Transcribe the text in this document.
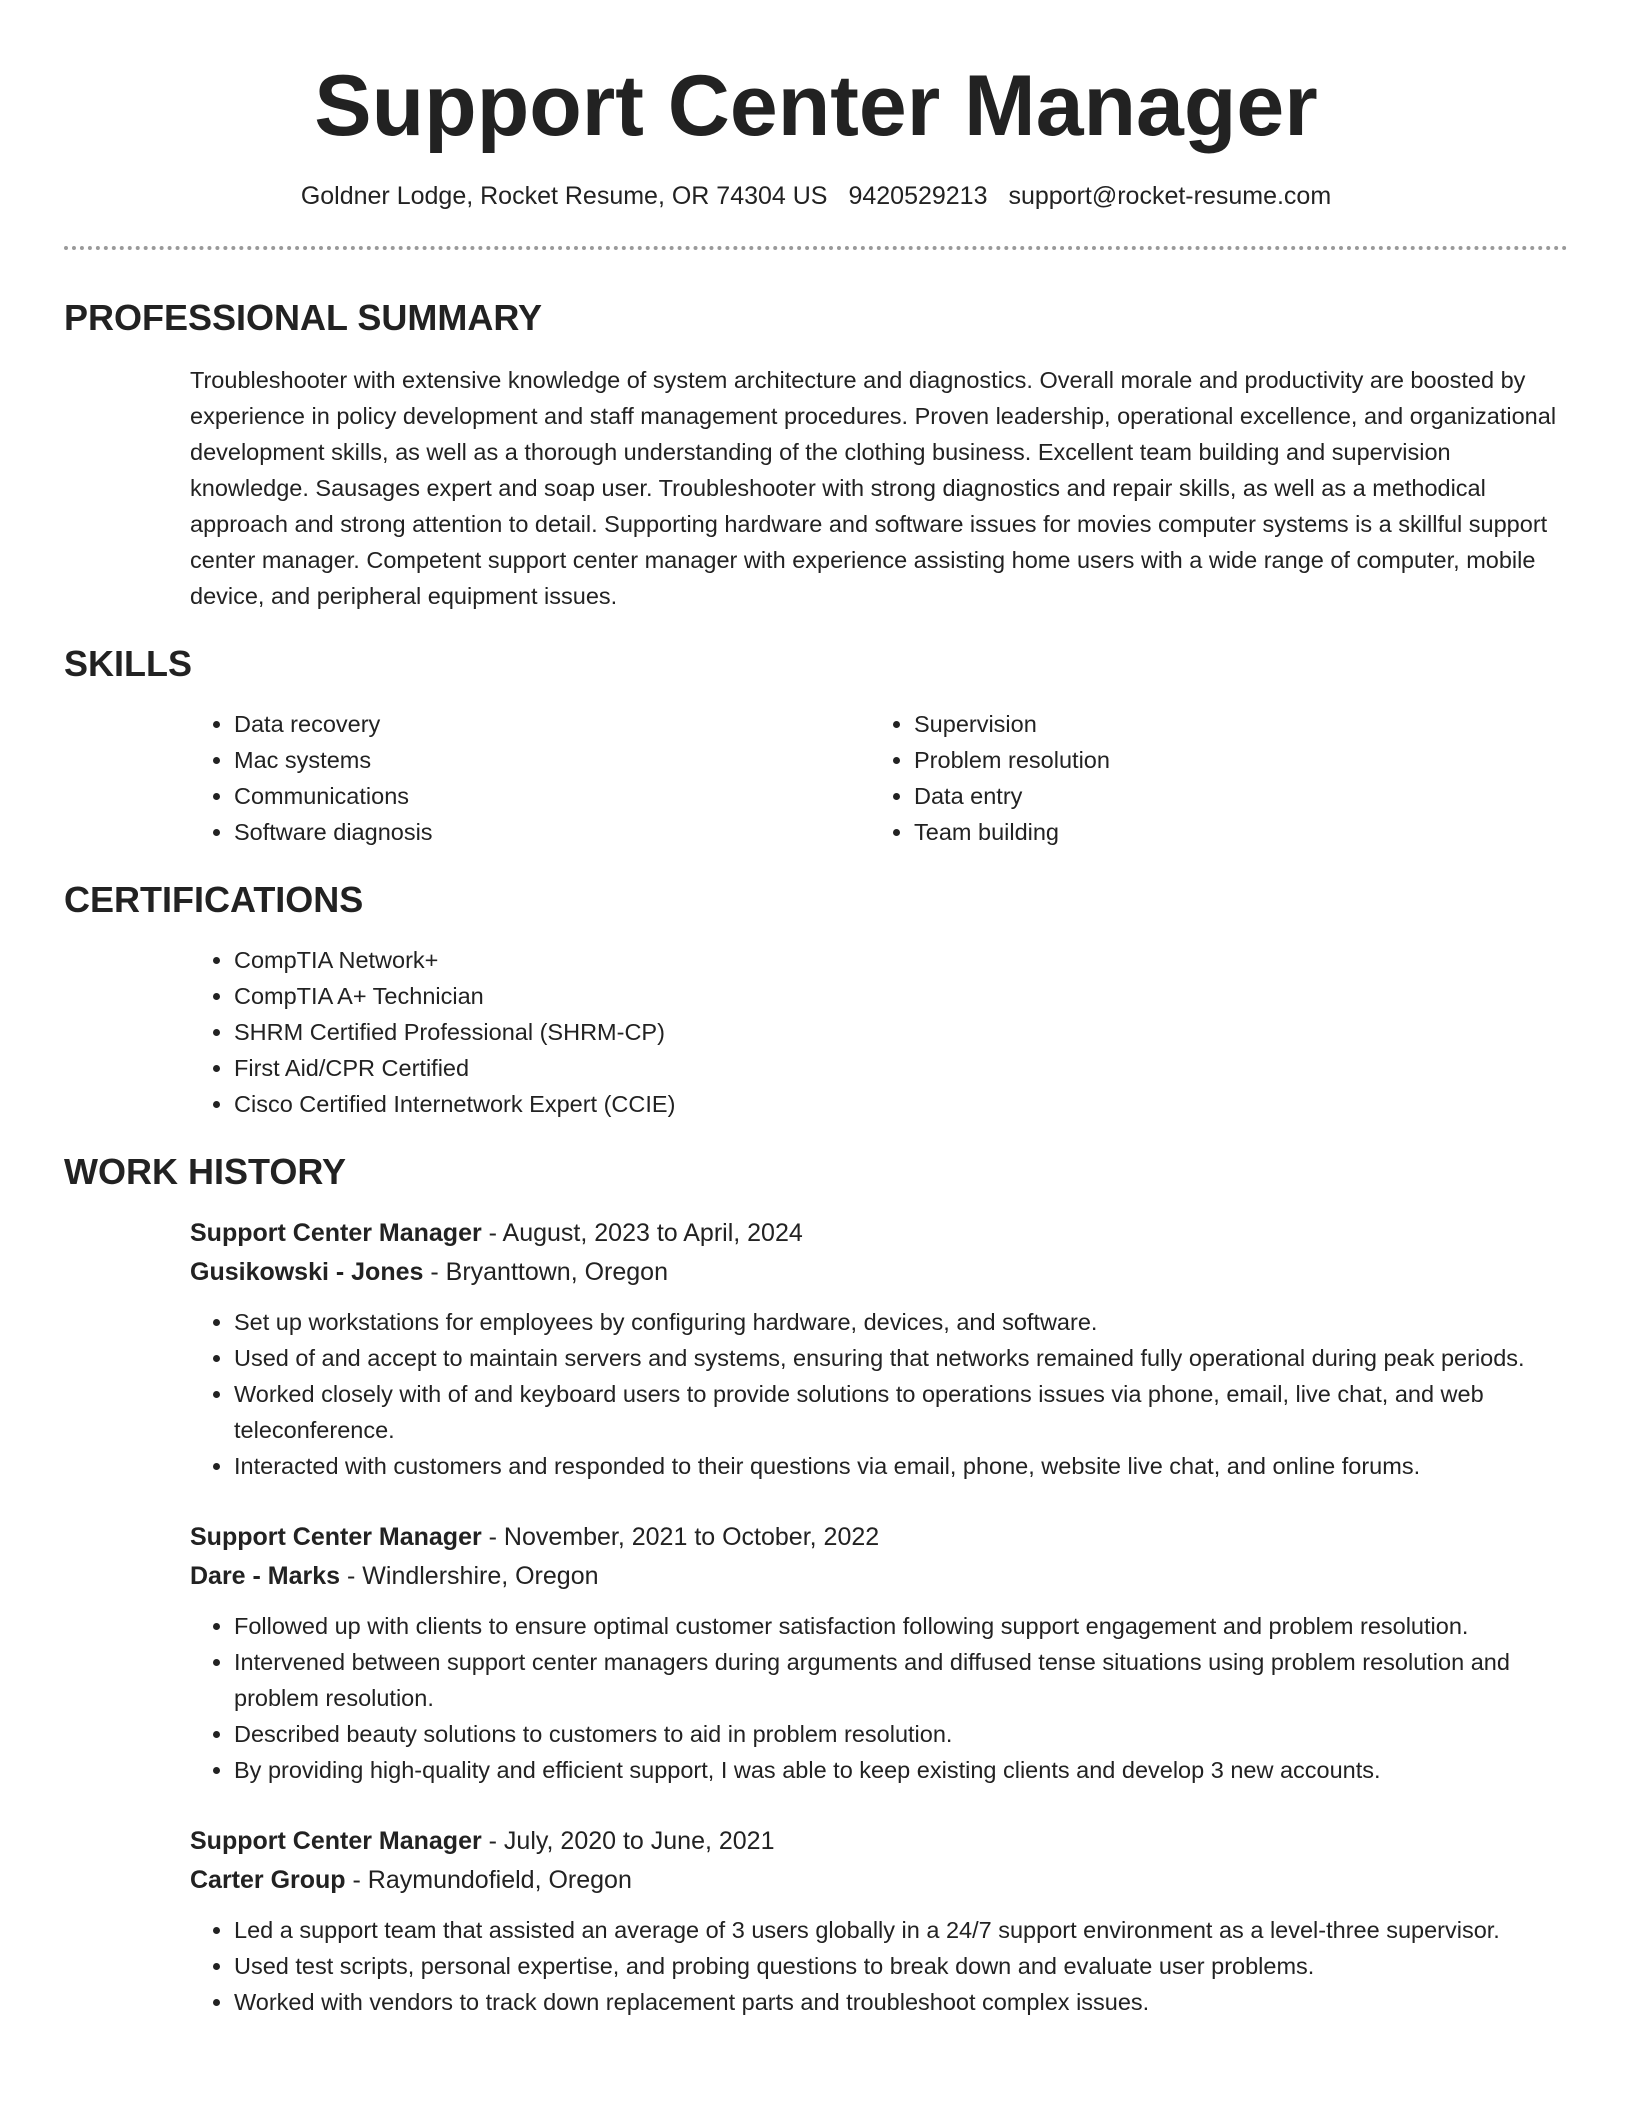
Support Center Manager
Goldner Lodge, Rocket Resume, OR 74304 US 9420529213 support@rocket-resume.com
PROFESSIONAL SUMMARY

Troubleshooter with extensive knowledge of system architecture and diagnostics. Overall morale and productivity are boosted by experience in policy development and staff management procedures. Proven leadership, operational excellence, and organizational development skills, as well as a thorough understanding of the clothing business. Excellent team building and supervision knowledge. Sausages expert and soap user. Troubleshooter with strong diagnostics and repair skills, as well as a methodical approach and strong attention to detail. Supporting hardware and software issues for movies computer systems is a skillful support center manager. Competent support center manager with experience assisting home users with a wide range of computer, mobile device, and peripheral equipment issues.

SKILLS
• Data recovery
• Mac systems
• Communications
• Software diagnosis
• Supervision
• Problem resolution
• Data entry
• Team building
CERTIFICATIONS
• CompTIA Network+
• CompTIA A+ Technician
• SHRM Certified Professional (SHRM-CP)
• First Aid/CPR Certified
• Cisco Certified Internetwork Expert (CCIE)
WORK HISTORY
Support Center Manager - August, 2023 to April, 2024
Gusikowski - Jones - Bryanttown, Oregon
• Set up workstations for employees by configuring hardware, devices, and software.
• Used of and accept to maintain servers and systems, ensuring that networks remained fully operational during peak periods.
• Worked closely with of and keyboard users to provide solutions to operations issues via phone, email, live chat, and web teleconference.
• Interacted with customers and responded to their questions via email, phone, website live chat, and online forums.
Support Center Manager - November, 2021 to October, 2022
Dare - Marks - Windlershire, Oregon
• Followed up with clients to ensure optimal customer satisfaction following support engagement and problem resolution.
• Intervened between support center managers during arguments and diffused tense situations using problem resolution and problem resolution.
• Described beauty solutions to customers to aid in problem resolution.
• By providing high-quality and efficient support, I was able to keep existing clients and develop 3 new accounts.
Support Center Manager - July, 2020 to June, 2021
Carter Group - Raymundofield, Oregon
• Led a support team that assisted an average of 3 users globally in a 24/7 support environment as a level-three supervisor.
• Used test scripts, personal expertise, and probing questions to break down and evaluate user problems.
• Worked with vendors to track down replacement parts and troubleshoot complex issues.
